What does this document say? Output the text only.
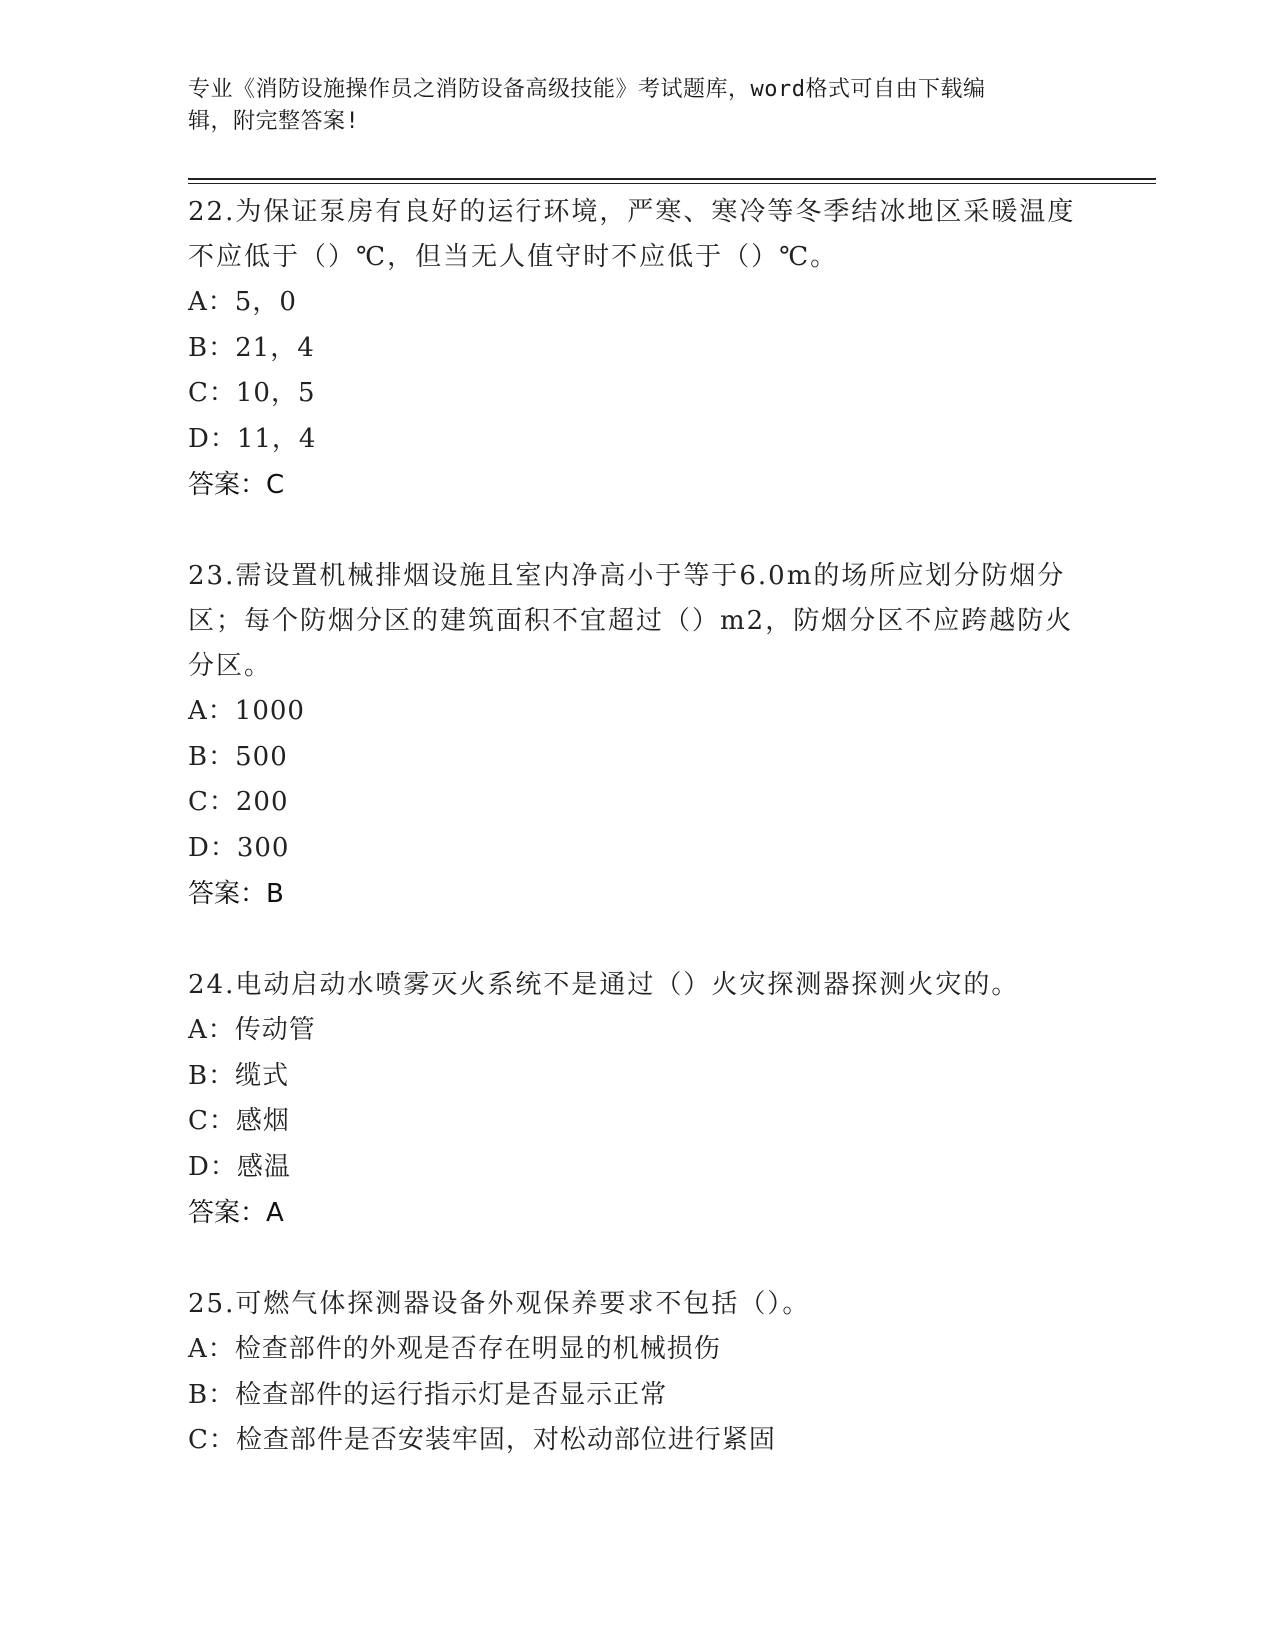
专业《消防设施操作员之消防设备高级技能》考试题库，word格式可自由下载编
辑，附完整答案!
22.为保证泵房有良好的运行环境，严寒、寒冷等冬季结冰地区采暖温度不应低于（）℃，但当无人值守时不应低于（）℃。
A：5，0
B：21，4
C：10，5
D：11，4
答案：C
23.需设置机械排烟设施且室内净高小于等于6.0m的场所应划分防烟分区；每个防烟分区的建筑面积不宜超过（）m2，防烟分区不应跨越防火分区。
A：1000
B：500
C：200
D：300
答案：B
24.电动启动水喷雾灭火系统不是通过（）火灾探测器探测火灾的。
A：传动管
B：缆式
C：感烟
D：感温
答案：A
25.可燃气体探测器设备外观保养要求不包括（）。
A：检查部件的外观是否存在明显的机械损伤
B：检查部件的运行指示灯是否显示正常
C：检查部件是否安装牢固，对松动部位进行紧固
